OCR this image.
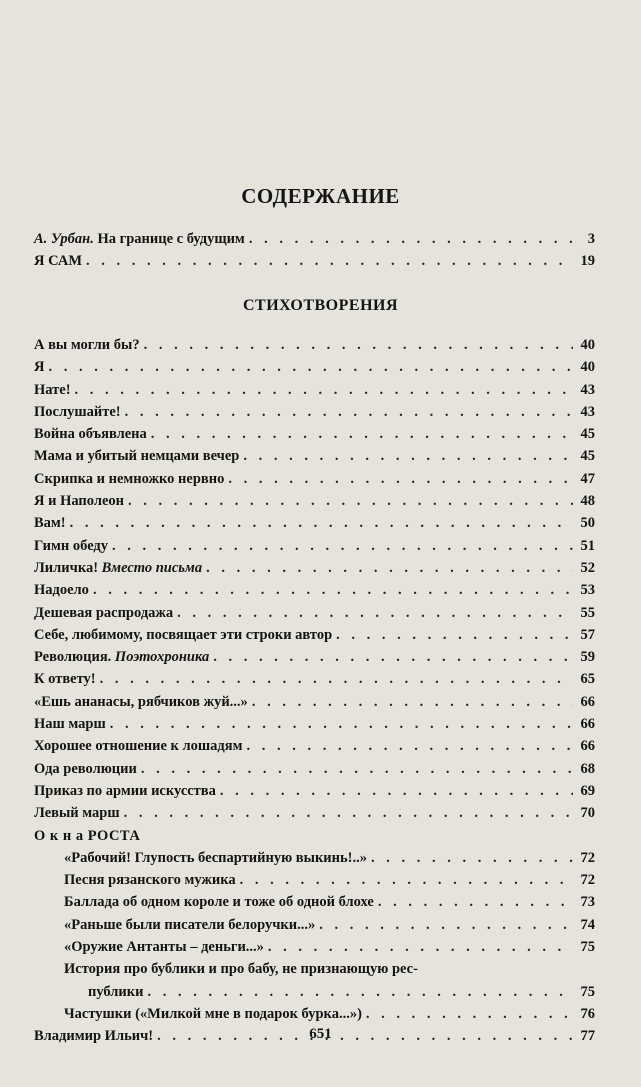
СОДЕРЖАНИЕ
А. Урбан. На границе с будущим . . .	3
Я САМ . . .	19
СТИХОТВОРЕНИЯ
А вы могли бы? . . .	40
Я . . .	40
Нате! . . .	43
Послушайте! . . .	43
Война объявлена . . .	45
Мама и убитый немцами вечер . . .	45
Скрипка и немножко нервно . . .	47
Я и Наполеон . . .	48
Вам! . . .	50
Гимн обеду . . .	51
Лиличка! Вместо письма . . .	52
Надоело . . .	53
Дешевая распродажа . . .	55
Себе, любимому, посвящает эти строки автор . . .	57
Революция. Поэтохроника . . .	59
К ответу! . . .	65
«Ешь ананасы, рябчиков жуй...» . . .	66
Наш марш . . .	66
Хорошее отношение к лошадям . . .	66
Ода революции . . .	68
Приказ по армии искусства . . .	69
Левый марш . . .	70
О к н а РОСТА
«Рабочий! Глупость беспартийную выкинь!..» . . .	72
Песня рязанского мужика . . .	72
Баллада об одном короле и тоже об одной блохе . . .	73
«Раньше были писатели белоручки...» . . .	74
«Оружие Антанты – деньги...» . . .	75
История про бублики и про бабу, не признающую рес-
публики . . .	75
Частушки («Милкой мне в подарок бурка...») . . .	76
Владимир Ильич! . . .	77
651
